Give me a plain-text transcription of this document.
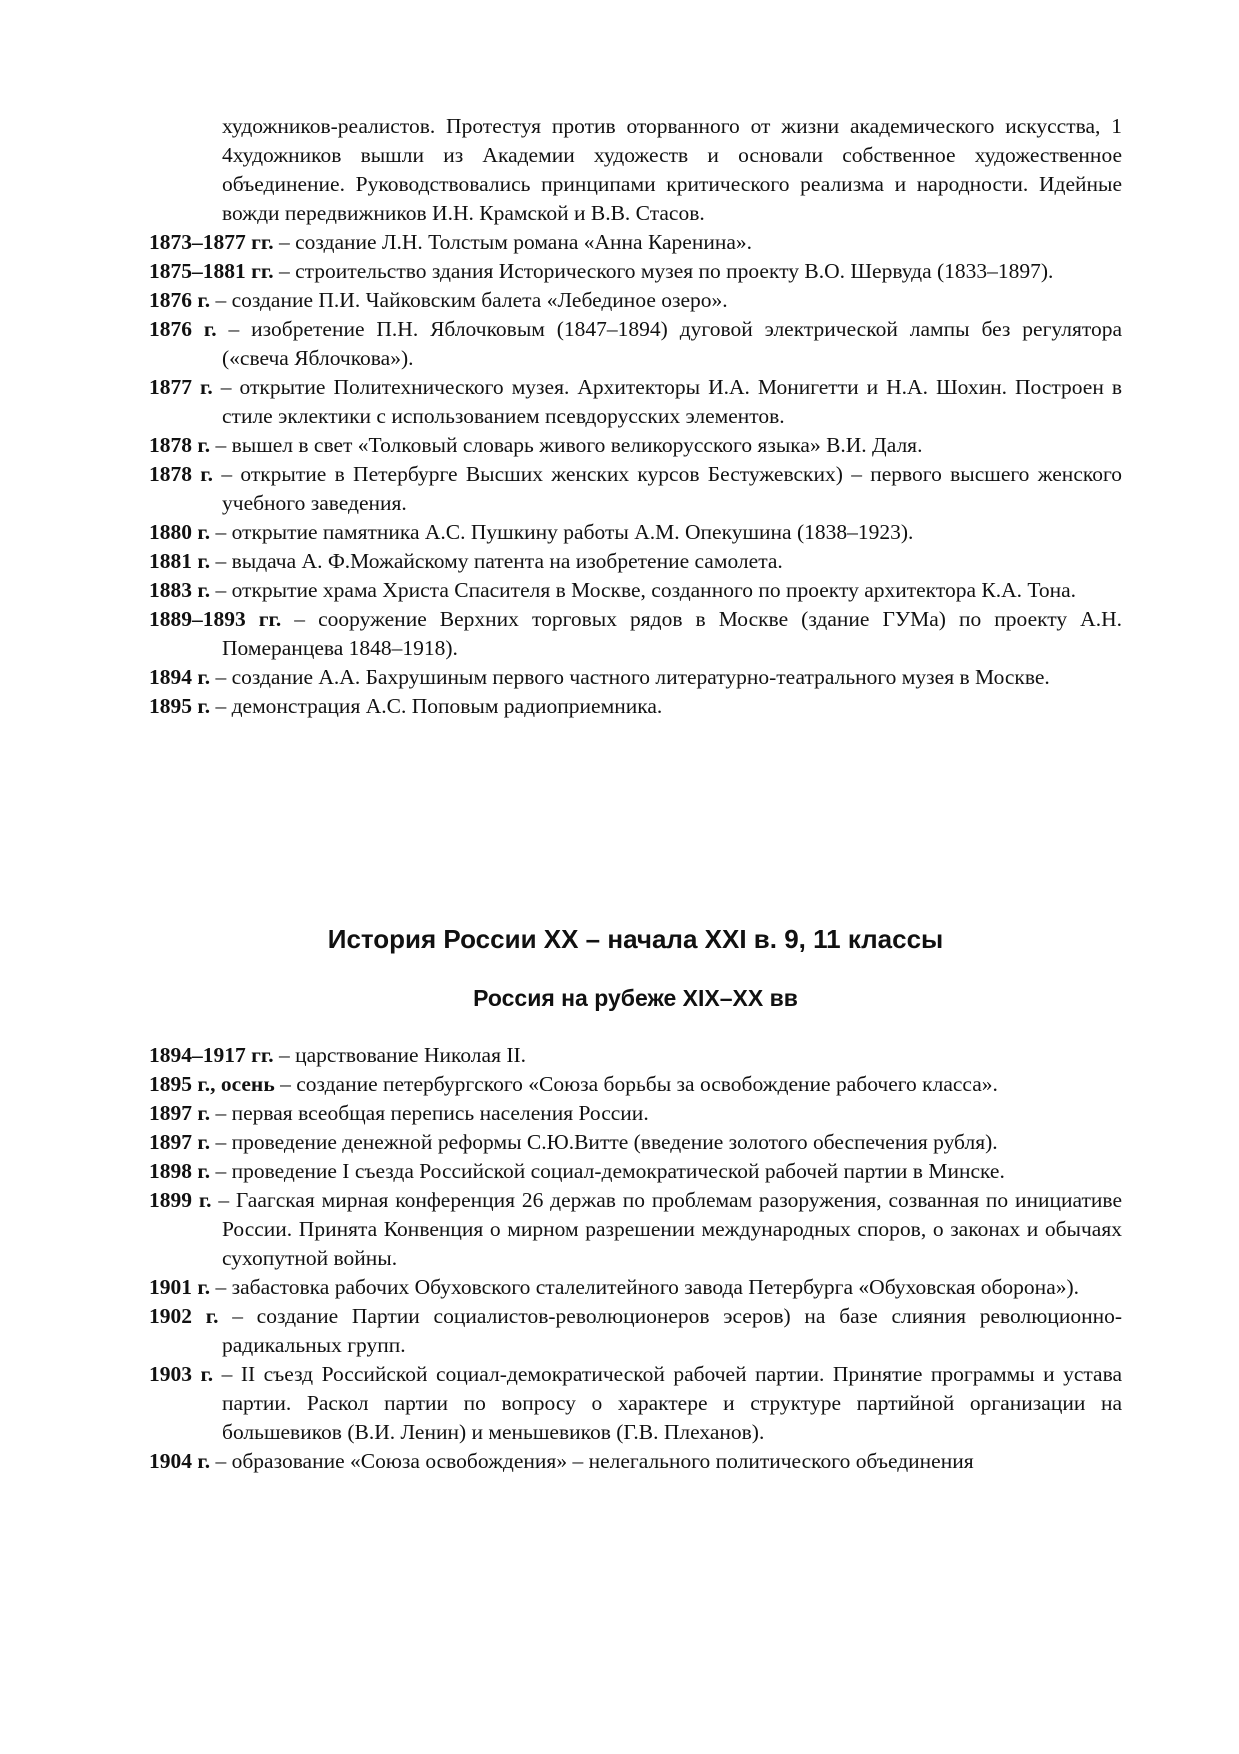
художников-реалистов. Протестуя против оторванного от жизни академического искусства, 1 4художников вышли из Академии художеств и основали собственное художественное объединение. Руководствовались принципами критического реализма и народности. Идейные вожди передвижников И.Н. Крамской и В.В. Стасов.

1873–1877 гг. – создание Л.Н. Толстым романа «Анна Каренина».

1875–1881 гг. – строительство здания Исторического музея по проекту В.О. Шервуда (1833–1897).

1876 г. – создание П.И. Чайковским балета «Лебединое озеро».

1876 г. – изобретение П.Н. Яблочковым (1847–1894) дуговой электрической лампы без регулятора («свеча Яблочкова»).

1877 г. – открытие Политехнического музея. Архитекторы И.А. Монигетти и Н.А. Шохин. Построен в стиле эклектики с использованием псевдорусских элементов.

1878 г. – вышел в свет «Толковый словарь живого великорусского языка» В.И. Даля.

1878 г. – открытие в Петербурге Высших женских курсов Бестужевских) – первого высшего женского учебного заведения.

1880 г. – открытие памятника А.С. Пушкину работы А.М. Опекушина (1838–1923).

1881 г. – выдача А. Ф.Можайскому патента на изобретение самолета.

1883 г. – открытие храма Христа Спасителя в Москве, созданного по проекту архитектора К.А. Тона.

1889–1893 гг. – сооружение Верхних торговых рядов в Москве (здание ГУМа) по проекту А.Н. Померанцева 1848–1918).

1894 г. – создание А.А. Бахрушиным первого частного литературно-театрального музея в Москве.

1895 г. – демонстрация А.С. Поповым радиоприемника.

История России XX – начала XXI в. 9, 11 классы
Россия на рубеже XIX–XX вв

1894–1917 гг. – царствование Николая II.

1895 г., осень – создание петербургского «Союза борьбы за освобождение рабочего класса».

1897 г. – первая всеобщая перепись населения России.

1897 г. – проведение денежной реформы С.Ю.Витте (введение золотого обеспечения рубля).

1898 г. – проведение I съезда Российской социал-демократической рабочей партии в Минске.

1899 г. – Гаагская мирная конференция 26 держав по проблемам разоружения, созванная по инициативе России. Принята Конвенция о мирном разрешении международных споров, о законах и обычаях сухопутной войны.

1901 г. – забастовка рабочих Обуховского сталелитейного завода Петербурга «Обуховская оборона»).

1902 г. – создание Партии социалистов-революционеров эсеров) на базе слияния революционно-радикальных групп.

1903 г. – II съезд Российской социал-демократической рабочей партии. Принятие программы и устава партии. Раскол партии по вопросу о характере и структуре партийной организации на большевиков (В.И. Ленин) и меньшевиков (Г.В. Плеханов).

1904 г. – образование «Союза освобождения» – нелегального политического объединения
